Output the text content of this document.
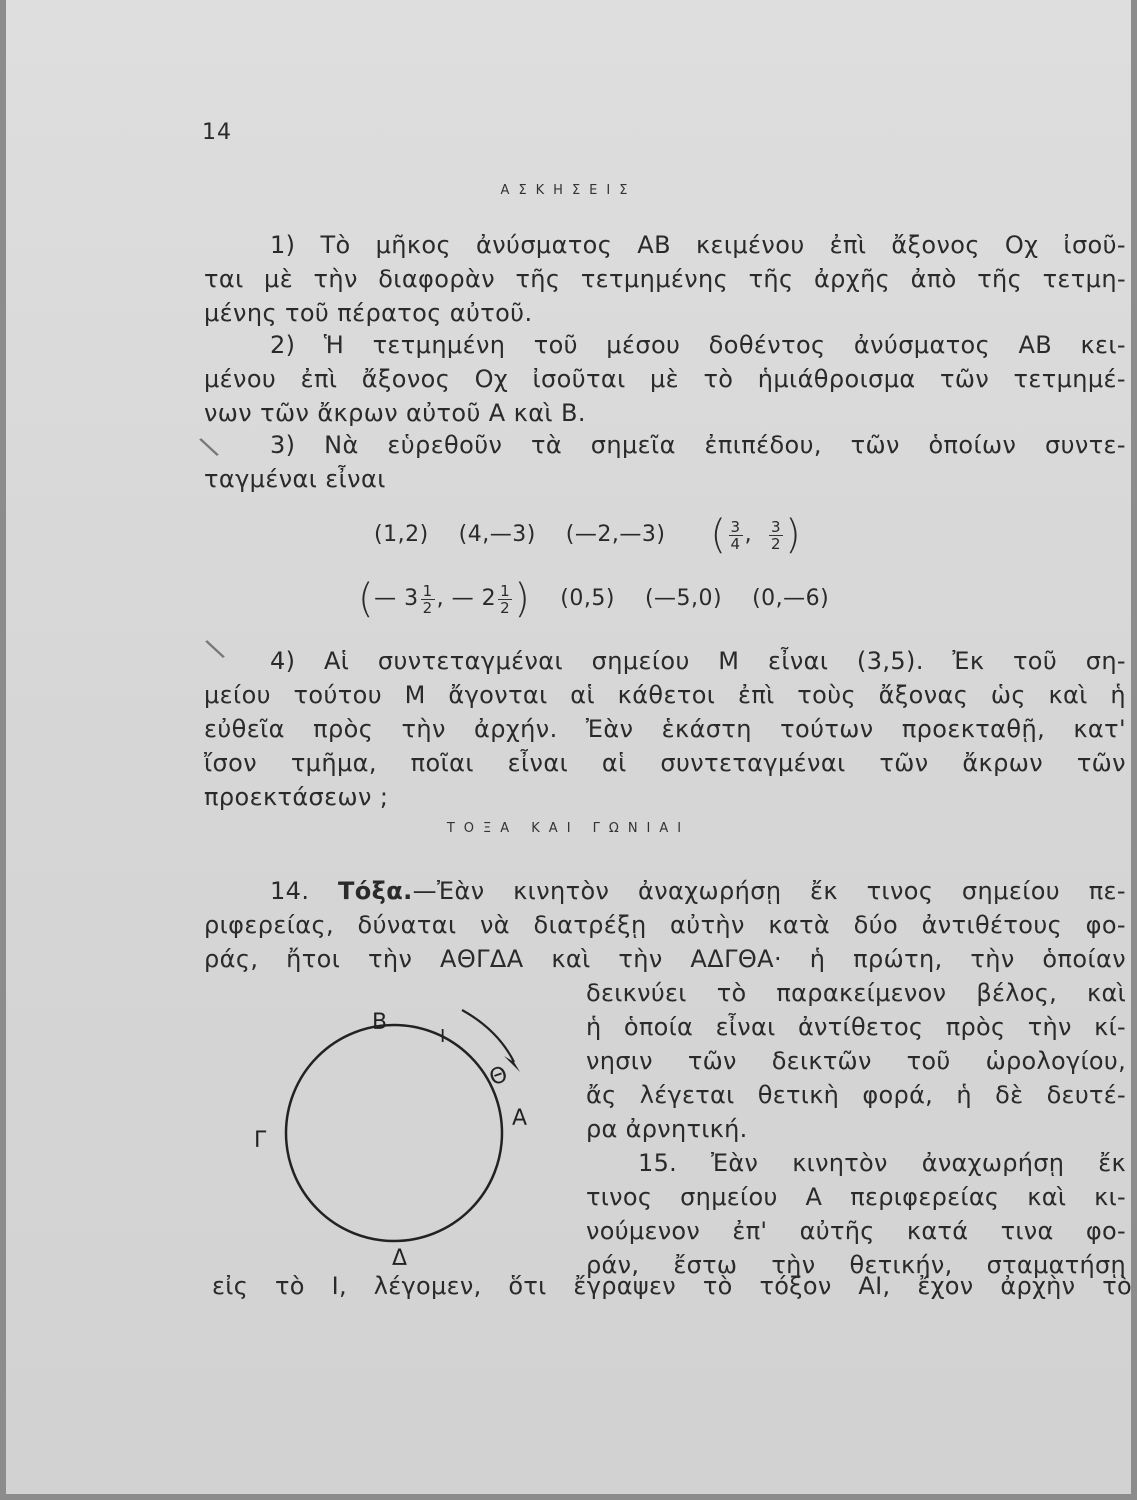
14
ΑΣΚΗΣΕΙΣ
1) Τὸ μῆκος ἀνύσματος ΑΒ κειμένου ἐπὶ ἄξονος Οχ ἰσοῦ-
ται μὲ τὴν διαφορὰν τῆς τετμημένης τῆς ἀρχῆς ἀπὸ τῆς τετμη-
μένης τοῦ πέρατος αὐτοῦ.
2) Ἡ τετμημένη τοῦ μέσου δοθέντος ἀνύσματος ΑΒ κει-
μένου ἐπὶ ἄξονος Οχ ἰσοῦται μὲ τὸ ἡμιάθροισμα τῶν τετμημέ-
νων τῶν ἄκρων αὐτοῦ Α καὶ Β.
\	3) Νὰ εὑρεθοῦν τὰ σημεῖα ἐπιπέδου, τῶν ὁποίων συντε-
ταγμέναι εἶναι
(1,2) (4,—3) (—2,—3) ( $\frac{3}{4}$ , $\frac{3}{2}$ )
(— $3 \frac{1}{2}$ , — $2 \frac{1}{2}$ ) (0,5) (—5,0) (0,—6)
\	4) Αἱ συντεταγμέναι σημείου Μ εἶναι (3,5). Ἐκ τοῦ ση-
μείου τούτου Μ ἄγονται αἱ κάθετοι ἐπὶ τοὺς ἄξονας ὡς καὶ ἡ
εὐθεῖα πρὸς τὴν ἀρχήν. Ἐὰν ἑκάστη τούτων προεκταθῇ, κατ'
ἴσον τμῆμα, ποῖαι εἶναι αἱ συντεταγμέναι τῶν ἄκρων τῶν
προεκτάσεων ;
ΤΟΞΑ ΚΑΙ ΓΩΝΙΑΙ
14. Τόξα.—Ἐὰν κινητὸν ἀναχωρήσῃ ἔκ τινος σημείου πε-
ριφερείας, δύναται νὰ διατρέξῃ αὐτὴν κατὰ δύο ἀντιθέτους φο-
ράς, ἤτοι τὴν ΑΘΓΔΑ καὶ τὴν ΑΔΓΘΑ· ἡ πρώτη, τὴν ὁποίαν
δεικνύει τὸ παρακείμενον βέλος, καὶ
ἡ ὁποία εἶναι ἀντίθετος πρὸς τὴν κί-
νησιν τῶν δεικτῶν τοῦ ὡρολογίου,
ἄς λέγεται θετικὴ φορά, ἡ δὲ δευτέ-
ρα ἀρνητική.
15. Ἐὰν κινητὸν ἀναχωρήσῃ ἔκ
τινος σημείου Α περιφερείας καὶ κι-
νούμενον ἐπ' αὐτῆς κατά τινα φο-
ράν, ἔστω τὴν θετικήν, σταματήσῃ
εἰς τὸ Ι, λέγομεν, ὅτι ἔγραψεν τὸ τόξον ΑΙ, ἔχον ἀρχὴν τὸ
Β
Ι
Θ
Α
Γ
Δ
